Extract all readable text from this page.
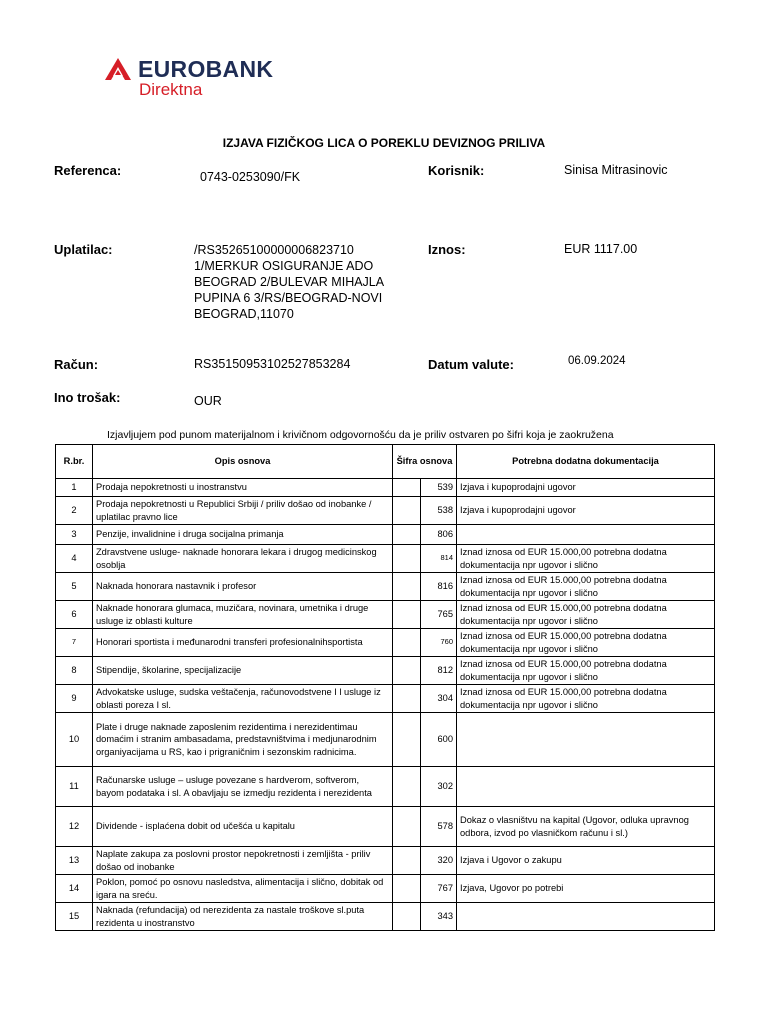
EUROBANK
Direktna
IZJAVA FIZIČKOG LICA O POREKLU DEVIZNOG PRILIVA
Referenca:	0743-0253090/FK	Korisnik:	Sinisa Mitrasinovic
Uplatilac:	/RS35265100000006823710
1/MERKUR OSIGURANJE ADO
BEOGRAD 2/BULEVAR MIHAJLA
PUPINA 6 3/RS/BEOGRAD-NOVI
BEOGRAD,11070
Iznos:	EUR 1117.00
Račun:	RS35150953102527853284	Datum valute:	06.09.2024
Ino trošak:	OUR
Izjavljujem pod punom materijalnom i krivičnom odgovornošću da je priliv ostvaren po šifri koja je zaokružena
R.br.	Opis osnova	Šifra osnova		Potrebna dodatna dokumentacija
1	Prodaja nepokretnosti u inostranstvu		539	Izjava i kupoprodajni ugovor
2	Prodaja nepokretnosti u Republici Srbiji / priliv došao od inobanke / uplatilac pravno lice		538	Izjava i kupoprodajni ugovor
3	Penzije, invalidnine i druga socijalna primanja		806	
4	Zdravstvene usluge- naknade honorara lekara i drugog medicinskog osoblja		814	Iznad iznosa od EUR 15.000,00 potrebna dodatna dokumentacija npr ugovor i slično
5	Naknada honorara nastavnik i profesor		816	Iznad iznosa od EUR 15.000,00 potrebna dodatna dokumentacija npr ugovor i slično
6	Naknade honorara glumaca, muzičara, novinara, umetnika i druge usluge iz oblasti kulture		765	Iznad iznosa od EUR 15.000,00 potrebna dodatna dokumentacija npr ugovor i slično
7	Honorari sportista i međunarodni transferi profesionalnihsportista		760	Iznad iznosa od EUR 15.000,00 potrebna dodatna dokumentacija npr ugovor i slično
8	Stipendije, školarine, specijalizacije		812	Iznad iznosa od EUR 15.000,00 potrebna dodatna dokumentacija npr ugovor i slično
9	Advokatske usluge, sudska veštačenja, računovodstvene I l usluge iz oblasti poreza I sl.		304	Iznad iznosa od EUR 15.000,00 potrebna dodatna dokumentacija npr ugovor i slično
10	Plate i druge naknade zaposlenim rezidentima i nerezidentimau domaćim i stranim ambasadama, predstavništvima i medjunarodnim organiyacijama u RS, kao i prigraničnim i sezonskim radnicima.		600	
11	Računarske usluge – usluge povezane s hardverom, softverom, bayom podataka i sl. A obavljaju se izmedju rezidenta i nerezidenta		302	
12	Dividende - isplaćena dobit od učešća u kapitalu		578	Dokaz o vlasništvu na kapital (Ugovor, odluka upravnog odbora, izvod po vlasničkom računu i sl.)
13	Naplate zakupa za poslovni prostor nepokretnosti i zemljišta - priliv došao od inobanke		320	Izjava i Ugovor o zakupu
14	Poklon, pomoć po osnovu nasledstva, alimentacija i slično, dobitak od igara na sreću.		767	Izjava, Ugovor po potrebi
15	Naknada (refundacija) od nerezidenta za nastale troškove sl.puta rezidenta u inostranstvo		343	
